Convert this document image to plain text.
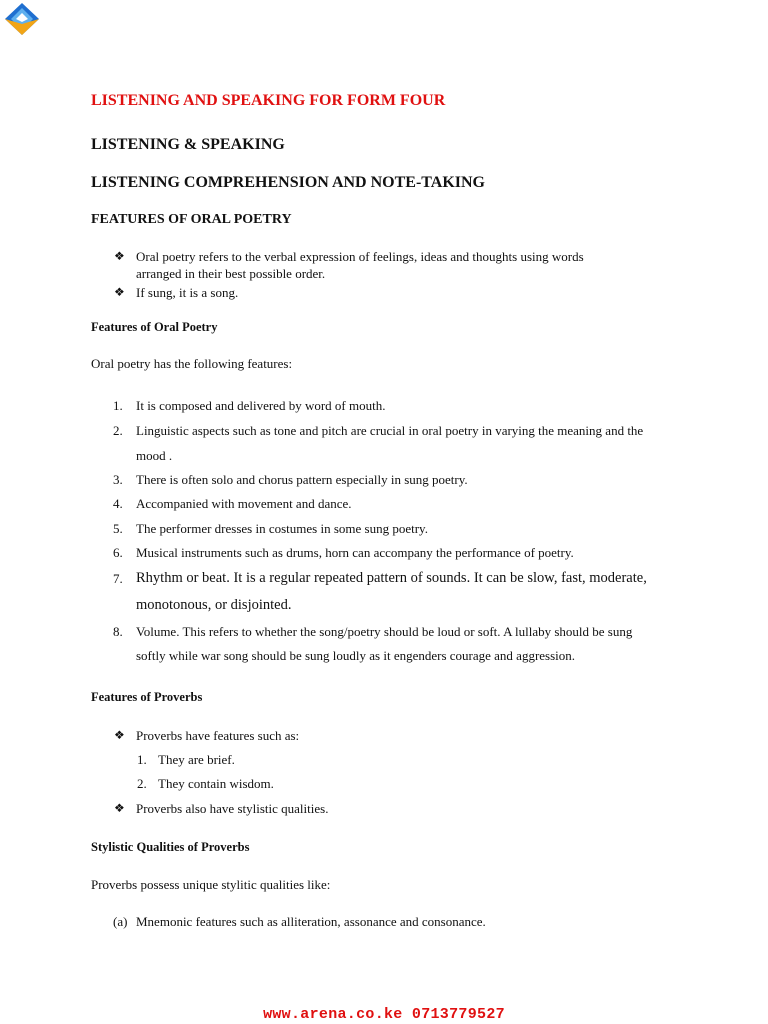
LISTENING AND SPEAKING FOR FORM FOUR
LISTENING & SPEAKING
LISTENING COMPREHENSION AND NOTE-TAKING
FEATURES OF ORAL POETRY
❖ Oral poetry refers to the verbal expression of feelings, ideas and thoughts using words
arranged in their best possible order.
❖ If sung, it is a song.
Features of Oral Poetry
Oral poetry has the following features:
1. It is composed and delivered by word of mouth.
2. Linguistic aspects such as tone and pitch are crucial in oral poetry in varying the meaning and the
mood .
3. There is often solo and chorus pattern especially in sung poetry.
4. Accompanied with movement and dance.
5. The performer dresses in costumes in some sung poetry.
6. Musical instruments such as drums, horn can accompany the performance of poetry.
7. Rhythm or beat. It is a regular repeated pattern of sounds. It can be slow, fast, moderate,
monotonous, or disjointed.
8. Volume. This refers to whether the song/poetry should be loud or soft. A lullaby should be sung
softly while war song should be sung loudly as it engenders courage and aggression.
Features of Proverbs
❖ Proverbs have features such as:
1. They are brief.
2. They contain wisdom.
❖ Proverbs also have stylistic qualities.
Stylistic Qualities of Proverbs
Proverbs possess unique stylitic qualities like:
(a) Mnemonic features such as alliteration, assonance and consonance.
www.arena.co.ke 0713779527
